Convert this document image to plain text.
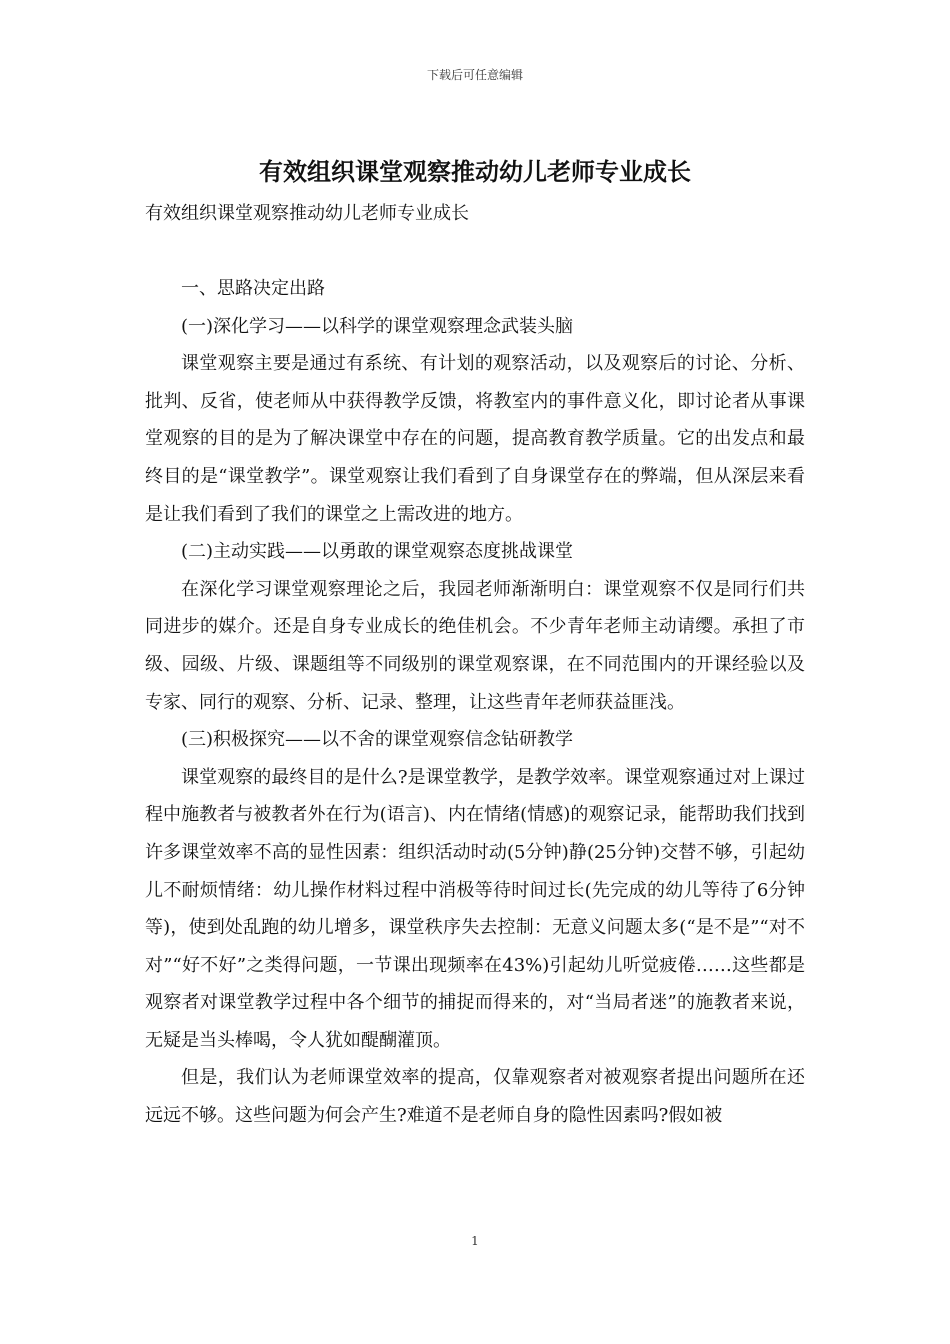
下载后可任意编辑
有效组织课堂观察推动幼儿老师专业成长
有效组织课堂观察推动幼儿老师专业成长

一、思路决定出路

(一)深化学习——以科学的课堂观察理念武装头脑

课堂观察主要是通过有系统、有计划的观察活动，以及观察后的讨论、分析、批判、反省，使老师从中获得教学反馈，将教室内的事件意义化，即讨论者从事课堂观察的目的是为了解决课堂中存在的问题，提高教育教学质量。它的出发点和最终目的是“课堂教学”。课堂观察让我们看到了自身课堂存在的弊端，但从深层来看是让我们看到了我们的课堂之上需改进的地方。

(二)主动实践——以勇敢的课堂观察态度挑战课堂

在深化学习课堂观察理论之后，我园老师渐渐明白：课堂观察不仅是同行们共同进步的媒介。还是自身专业成长的绝佳机会。不少青年老师主动请缨。承担了市级、园级、片级、课题组等不同级别的课堂观察课，在不同范围内的开课经验以及专家、同行的观察、分析、记录、整理，让这些青年老师获益匪浅。

(三)积极探究——以不舍的课堂观察信念钻研教学

课堂观察的最终目的是什么?是课堂教学，是教学效率。课堂观察通过对上课过程中施教者与被教者外在行为(语言)、内在情绪(情感)的观察记录，能帮助我们找到许多课堂效率不高的显性因素：组织活动时动(5分钟)静(25分钟)交替不够，引起幼儿不耐烦情绪：幼儿操作材料过程中消极等待时间过长(先完成的幼儿等待了6分钟等)，使到处乱跑的幼儿增多，课堂秩序失去控制：无意义问题太多(“是不是”“对不对”“好不好”之类得问题，一节课出现频率在43%)引起幼儿听觉疲倦……这些都是观察者对课堂教学过程中各个细节的捕捉而得来的，对“当局者迷”的施教者来说，无疑是当头棒喝，令人犹如醍醐灌顶。

但是，我们认为老师课堂效率的提高，仅靠观察者对被观察者提出问题所在还远远不够。这些问题为何会产生?难道不是老师自身的隐性因素吗?假如被

1
